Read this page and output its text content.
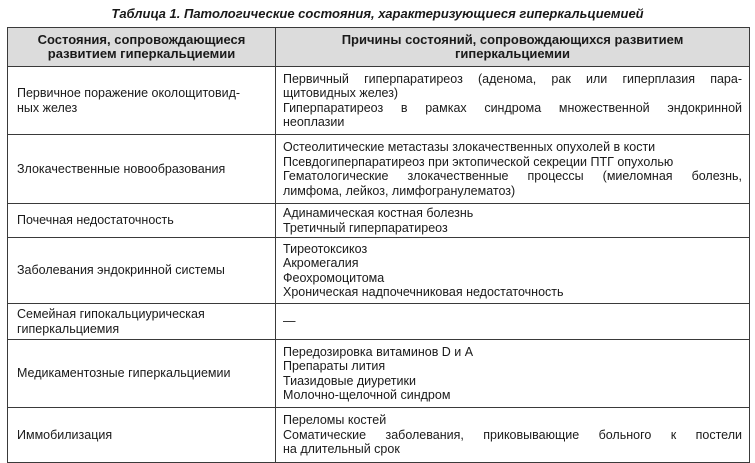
Таблица 1. Патологические состояния, характеризующиеся гиперкальциемией
Состояния, сопровождающиеся
развитием гиперкальциемии	Причины состояний, сопровождающихся развитием
гиперкальциемии

Первичное поражение околощитовид-
ных желез	Первичный гиперпаратиреоз (аденома, рак или гиперплазия пара-
щитовидных желез)
Гиперпаратиреоз в рамках синдрома множественной эндокринной
неоплазии

Злокачественные новообразования	Остеолитические метастазы злокачественных опухолей в кости
Псевдогиперпаратиреоз при эктопической секреции ПТГ опухолью
Гематологические злокачественные процессы (миеломная болезнь,
лимфома, лейкоз, лимфогранулематоз)

Почечная недостаточность	Адинамическая костная болезнь
Третичный гиперпаратиреоз

Заболевания эндокринной системы	Тиреотоксикоз
Акромегалия
Феохромоцитома
Хроническая надпочечниковая недостаточность

Семейная гипокальциурическая
гиперкальциемия	—

Медикаментозные гиперкальциемии	Передозировка витаминов D и A
Препараты лития
Тиазидовые диуретики
Молочно-щелочной синдром

Иммобилизация	Переломы костей
Соматические заболевания, приковывающие больного к постели
на длительный срок
